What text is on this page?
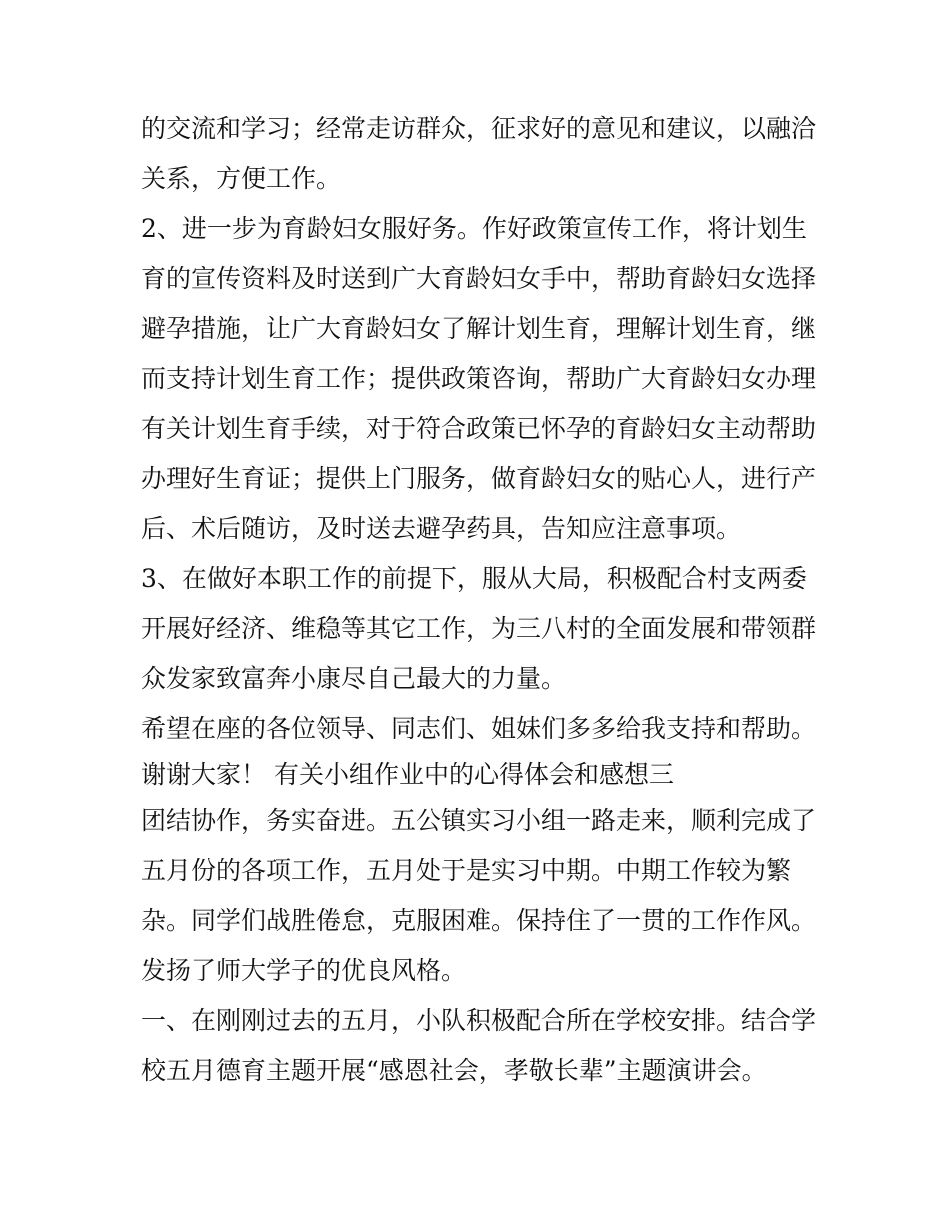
的交流和学习；经常走访群众，征求好的意见和建议，以融洽
关系，方便工作。
2、进一步为育龄妇女服好务。作好政策宣传工作，将计划生
育的宣传资料及时送到广大育龄妇女手中，帮助育龄妇女选择
避孕措施，让广大育龄妇女了解计划生育，理解计划生育，继
而支持计划生育工作；提供政策咨询，帮助广大育龄妇女办理
有关计划生育手续，对于符合政策已怀孕的育龄妇女主动帮助
办理好生育证；提供上门服务，做育龄妇女的贴心人，进行产
后、术后随访，及时送去避孕药具，告知应注意事项。
3、在做好本职工作的前提下，服从大局，积极配合村支两委
开展好经济、维稳等其它工作，为三八村的全面发展和带领群
众发家致富奔小康尽自己最大的力量。
希望在座的各位领导、同志们、姐妹们多多给我支持和帮助。
谢谢大家！ 有关小组作业中的心得体会和感想三
团结协作，务实奋进。五公镇实习小组一路走来，顺利完成了
五月份的各项工作，五月处于是实习中期。中期工作较为繁
杂。同学们战胜倦怠，克服困难。保持住了一贯的工作作风。
发扬了师大学子的优良风格。
一、在刚刚过去的五月，小队积极配合所在学校安排。结合学
校五月德育主题开展“感恩社会，孝敬长辈”主题演讲会。
